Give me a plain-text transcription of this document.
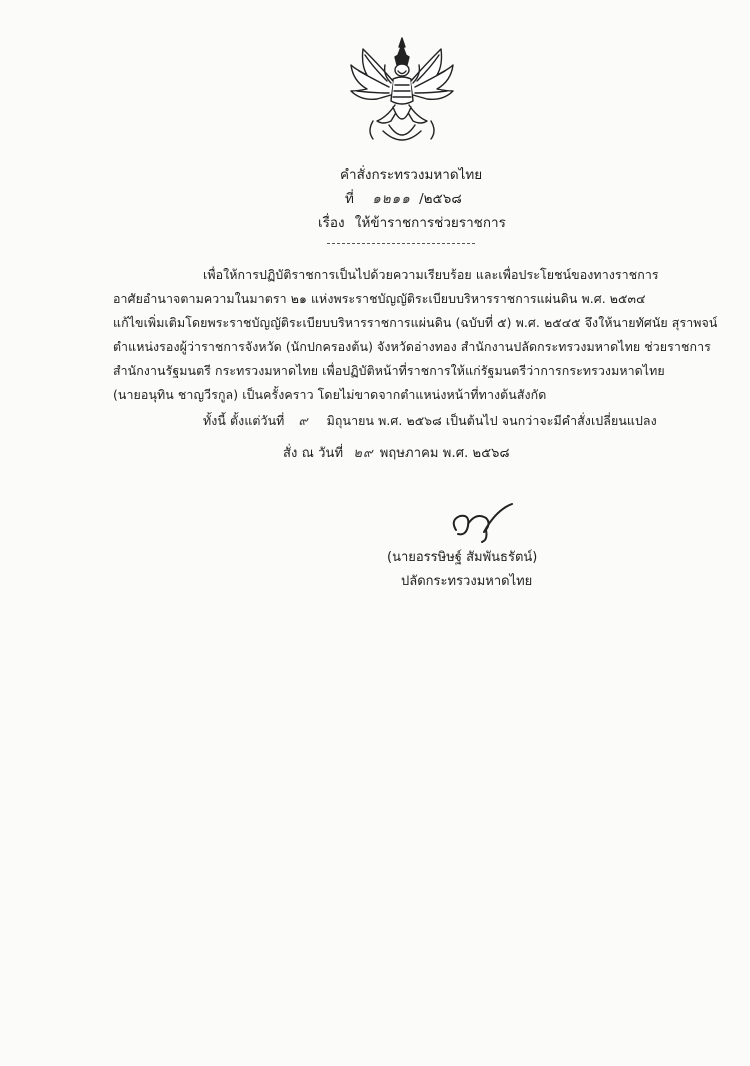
คำสั่งกระทรวงมหาดไทย
ที่ ๑๒๑๑ /๒๕๖๘
เรื่อง ให้ข้าราชการช่วยราชการ
เพื่อให้การปฏิบัติราชการเป็นไปด้วยความเรียบร้อย และเพื่อประโยชน์ของทางราชการ
อาศัยอำนาจตามความในมาตรา ๒๑ แห่งพระราชบัญญัติระเบียบบริหารราชการแผ่นดิน พ.ศ. ๒๕๓๔
แก้ไขเพิ่มเติมโดยพระราชบัญญัติระเบียบบริหารราชการแผ่นดิน (ฉบับที่ ๕) พ.ศ. ๒๕๔๕ จึงให้นายทัศนัย สุราพจน์
ตำแหน่งรองผู้ว่าราชการจังหวัด (นักปกครองต้น) จังหวัดอ่างทอง สำนักงานปลัดกระทรวงมหาดไทย ช่วยราชการ
สำนักงานรัฐมนตรี กระทรวงมหาดไทย เพื่อปฏิบัติหน้าที่ราชการให้แก่รัฐมนตรีว่าการกระทรวงมหาดไทย
(นายอนุทิน ชาญวีรกูล) เป็นครั้งคราว โดยไม่ขาดจากตำแหน่งหน้าที่ทางต้นสังกัด
ทั้งนี้ ตั้งแต่วันที่ ๙ มิถุนายน พ.ศ. ๒๕๖๘ เป็นต้นไป จนกว่าจะมีคำสั่งเปลี่ยนแปลง
สั่ง ณ วันที่ ๒๙ พฤษภาคม พ.ศ. ๒๕๖๘
(นายอรรษิษฐ์ สัมพันธรัตน์)
ปลัดกระทรวงมหาดไทย
